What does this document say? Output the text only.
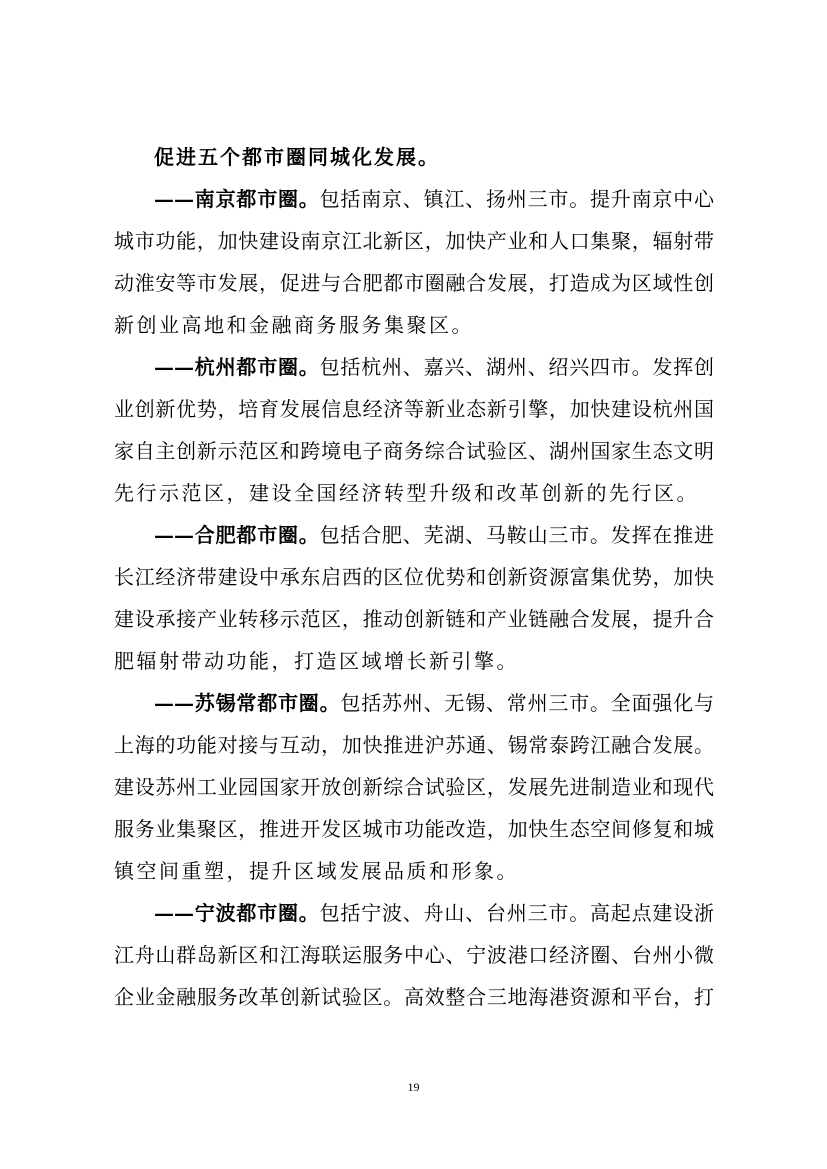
促进五个都市圈同城化发展。
——南京都市圈。包括南京、镇江、扬州三市。提升南京中心
城市功能，加快建设南京江北新区，加快产业和人口集聚，辐射带
动淮安等市发展，促进与合肥都市圈融合发展，打造成为区域性创
新创业高地和金融商务服务集聚区。
——杭州都市圈。包括杭州、嘉兴、湖州、绍兴四市。发挥创
业创新优势，培育发展信息经济等新业态新引擎，加快建设杭州国
家自主创新示范区和跨境电子商务综合试验区、湖州国家生态文明
先行示范区，建设全国经济转型升级和改革创新的先行区。
——合肥都市圈。包括合肥、芜湖、马鞍山三市。发挥在推进
长江经济带建设中承东启西的区位优势和创新资源富集优势，加快
建设承接产业转移示范区，推动创新链和产业链融合发展，提升合
肥辐射带动功能，打造区域增长新引擎。
——苏锡常都市圈。包括苏州、无锡、常州三市。全面强化与
上海的功能对接与互动，加快推进沪苏通、锡常泰跨江融合发展。
建设苏州工业园国家开放创新综合试验区，发展先进制造业和现代
服务业集聚区，推进开发区城市功能改造，加快生态空间修复和城
镇空间重塑，提升区域发展品质和形象。
——宁波都市圈。包括宁波、舟山、台州三市。高起点建设浙
江舟山群岛新区和江海联运服务中心、宁波港口经济圈、台州小微
企业金融服务改革创新试验区。高效整合三地海港资源和平台，打
19
